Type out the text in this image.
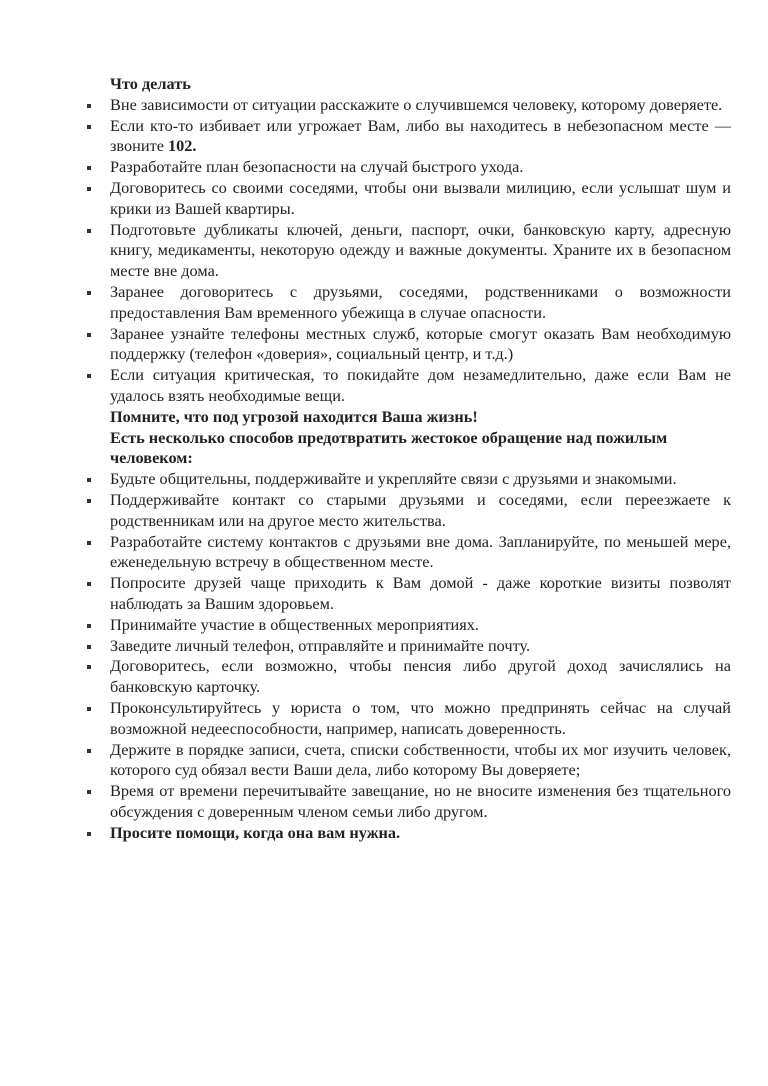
Что делать
Вне зависимости от ситуации расскажите о случившемся человеку, которому доверяете.
Если кто-то избивает или угрожает Вам, либо вы находитесь в небезопасном месте — звоните 102.
Разработайте план безопасности на случай быстрого ухода.
Договоритесь со своими соседями, чтобы они вызвали милицию, если услышат шум и крики из Вашей квартиры.
Подготовьте дубликаты ключей, деньги, паспорт, очки, банковскую карту, адресную книгу, медикаменты, некоторую одежду и важные документы. Храните их в безопасном месте вне дома.
Заранее договоритесь с друзьями, соседями, родственниками о возможности предоставления Вам временного убежища в случае опасности.
Заранее узнайте телефоны местных служб, которые смогут оказать Вам необходимую поддержку (телефон «доверия», социальный центр, и т.д.)
Если ситуация критическая, то покидайте дом незамедлительно, даже если Вам не удалось взять необходимые вещи.
Помните, что под угрозой находится Ваша жизнь!
Есть несколько способов предотвратить жестокое обращение над пожилым человеком:
Будьте общительны, поддерживайте и укрепляйте связи с друзьями и знакомыми.
Поддерживайте контакт со старыми друзьями и соседями, если переезжаете к родственникам или на другое место жительства.
Разработайте систему контактов с друзьями вне дома. Запланируйте, по меньшей мере, еженедельную встречу в общественном месте.
Попросите друзей чаще приходить к Вам домой - даже короткие визиты позволят наблюдать за Вашим здоровьем.
Принимайте участие в общественных мероприятиях.
Заведите личный телефон, отправляйте и принимайте почту.
Договоритесь, если возможно, чтобы пенсия либо другой доход зачислялись на банковскую карточку.
Проконсультируйтесь у юриста о том, что можно предпринять сейчас на случай возможной недееспособности, например, написать доверенность.
Держите в порядке записи, счета, списки собственности, чтобы их мог изучить человек, которого суд обязал вести Ваши дела, либо которому Вы доверяете;
Время от времени перечитывайте завещание, но не вносите изменения без тщательного обсуждения с доверенным членом семьи либо другом.
Просите помощи, когда она вам нужна.
